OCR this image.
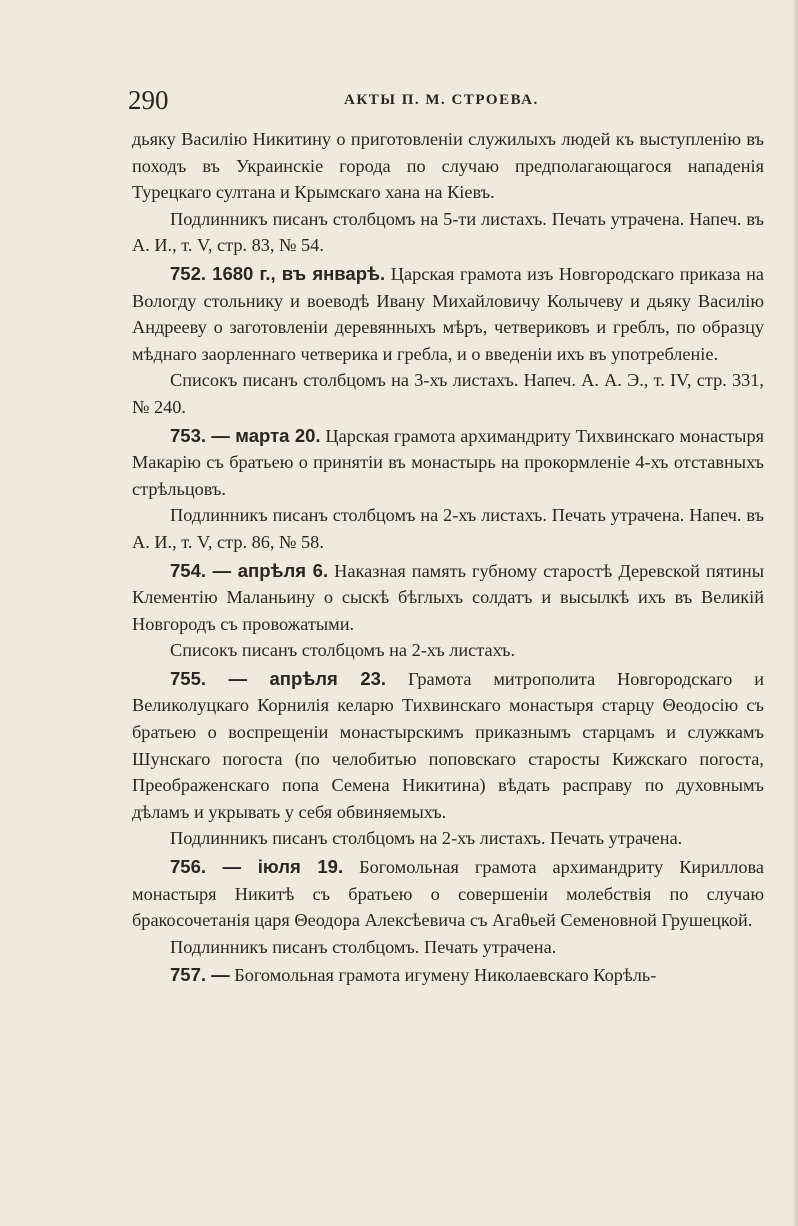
290	АКТЫ П. М. СТРОЕВА.

дьяку Василію Никитину о приготовленіи служилыхъ людей къ выступленію въ походъ въ Украинскіе города по случаю предполагающагося нападенія Турецкаго султана и Крымскаго хана на Кіевъ.

Подлинникъ писанъ столбцомъ на 5-ти листахъ. Печать утрачена. Напеч. въ А. И., т. V, стр. 83, № 54.

752. 1680 г., въ январѣ. Царская грамота изъ Новгородскаго приказа на Вологду стольнику и воеводѣ Ивану Михайловичу Колычеву и дьяку Василію Андрееву о заготовленіи деревянныхъ мѣръ, четвериковъ и греблъ, по образцу мѣднаго заорленнаго четверика и гребла, и о введеніи ихъ въ употребленіе.

Списокъ писанъ столбцомъ на 3-хъ листахъ. Напеч. А. А. Э., т. IV, стр. 331, № 240.

753. — марта 20. Царская грамота архимандриту Тихвинскаго монастыря Макарію съ братьею о принятіи въ монастырь на прокормленіе 4-хъ отставныхъ стрѣльцовъ.

Подлинникъ писанъ столбцомъ на 2-хъ листахъ. Печать утрачена. Напеч. въ А. И., т. V, стр. 86, № 58.

754. — апрѣля 6. Наказная память губному старостѣ Деревской пятины Клементію Маланьину о сыскѣ бѣглыхъ солдатъ и высылкѣ ихъ въ Великій Новгородъ съ провожатыми.

Списокъ писанъ столбцомъ на 2-хъ листахъ.

755. — апрѣля 23. Грамота митрополита Новгородскаго и Великолуцкаго Корнилія келарю Тихвинскаго монастыря старцу Θеодосію съ братьею о воспрещеніи монастырскимъ приказнымъ старцамъ и служкамъ Шунскаго погоста (по челобитью поповскаго старосты Кижскаго погоста, Преображенскаго попа Семена Никитина) вѣдать расправу по духовнымъ дѣламъ и укрывать у себя обвиняемыхъ.

Подлинникъ писанъ столбцомъ на 2-хъ листахъ. Печать утрачена.

756. — іюля 19. Богомольная грамота архимандриту Кириллова монастыря Никитѣ съ братьею о совершеніи молебствія по случаю бракосочетанія царя Θеодора Алексѣевича съ Агаθьей Семеновной Грушецкой.

Подлинникъ писанъ столбцомъ. Печать утрачена.

757. — Богомольная грамота игумену Николаевскаго Корѣль-
